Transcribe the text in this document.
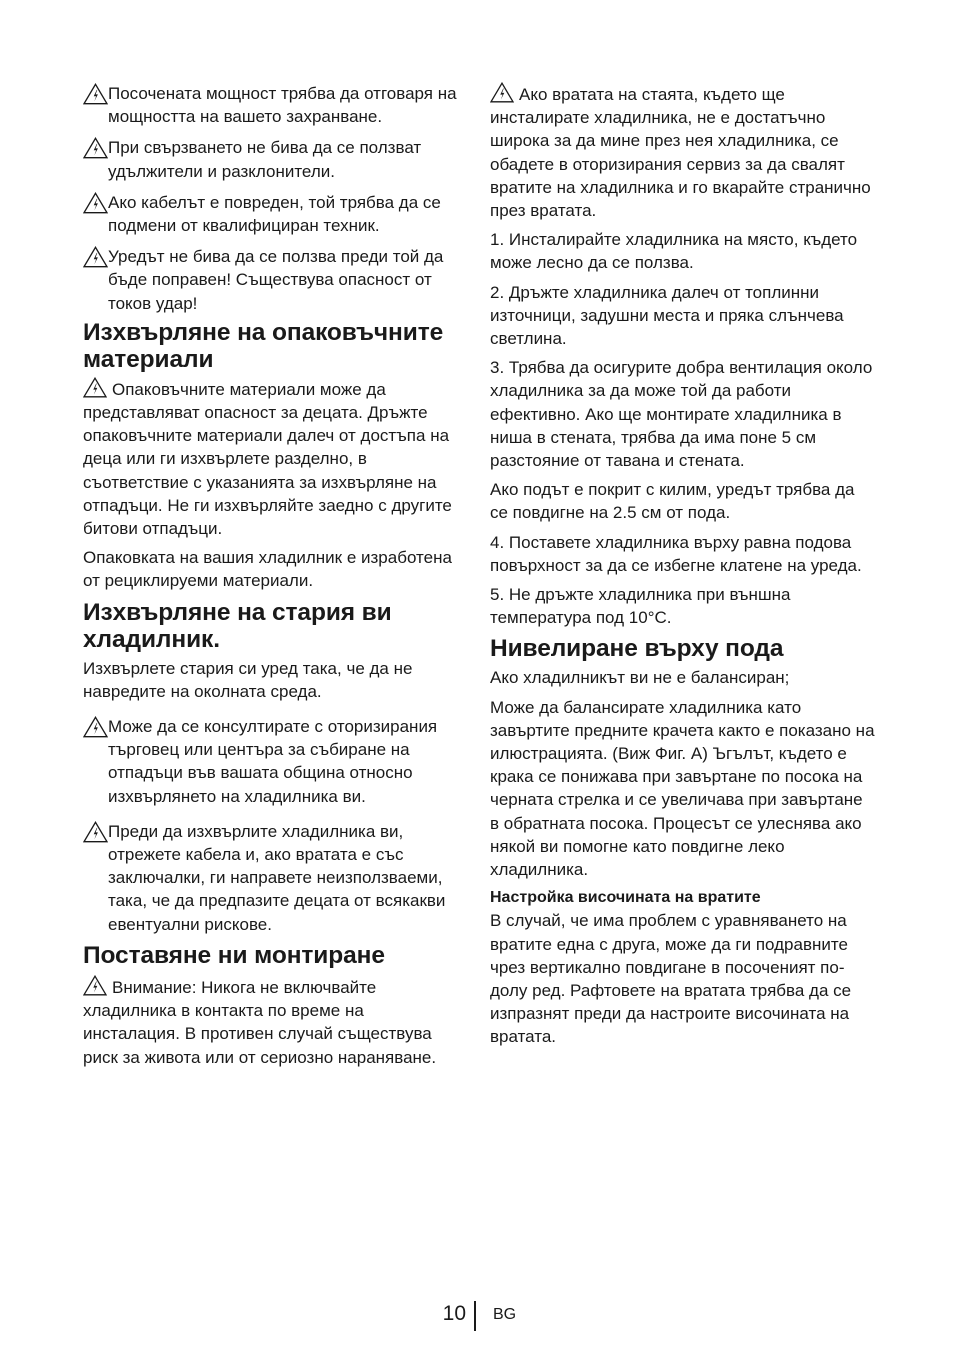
Посочената мощност трябва да отговаря на мощността на вашето захранване.

При свързването не бива да се ползват удължители и разклонители.

Ако кабелът е повреден, той трябва да се подмени от квалифициран техник.

Уредът не бива да се ползва преди той да бъде поправен! Съществува опасност от токов удар!

Изхвърляне на опаковъчните материали

Опаковъчните материали може да представляват опасност за децата. Дръжте опаковъчните материали далеч от достъпа на деца или ги изхвърлете разделно, в съответствие с указанията за изхвърляне на отпадъци. Не ги изхвърляйте заедно с другите битови отпадъци.

Опаковката на вашия хладилник е изработена от рециклируеми материали.

Изхвърляне на стария ви хладилник.

Изхвърлете стария си уред така, че да не навредите на околната среда.

Може да се консултирате с оторизирания търговец или центъра за събиране на отпадъци във вашата община относно изхвърлянето на хладилника ви.

Преди да изхвърлите хладилника ви, отрежете кабела и, ако вратата е със заключалки, ги направете неизползваеми, така, че да предпазите децата от всякакви евентуални рискове.

Поставяне ни монтиране

Внимание: Никога не включвайте хладилника в контакта по време на инсталация. В противен случай съществува риск за живота или от сериозно нараняване.

Ако вратата на стаята, където ще инсталирате хладилника, не е достатъчно широка за да мине през нея хладилника, се обадете в оторизирания сервиз за да свалят вратите на хладилника и го вкарайте странично през вратата.

1. Инсталирайте хладилника на място, където може лесно да се ползва.

2. Дръжте хладилника далеч от топлинни източници, задушни места и пряка слънчева светлина.

3. Трябва да осигурите добра вентилация около хладилника за да може той да работи ефективно. Ако ще монтирате хладилника в ниша в стената, трябва да има поне 5 см разстояние от тавана и стената.

Ако подът е покрит с килим, уредът трябва да се повдигне на 2.5 см от пода.

4. Поставете хладилника върху равна подова повърхност за да се избегне клатене на уреда.

5. Не дръжте хладилника при външна температура под 10°C.

Нивелиране върху пода

Ако хладилникът ви не е балансиран;

Може да балансирате хладилника като завъртите предните крачета както е показано на илюстрацията. (Виж Фиг. А) Ъгълът, където е крака се понижава при завъртане по посока на черната стрелка и се увеличава при завъртане в обратната посока. Процесът се улеснява ако някой ви помогне като повдигне леко хладилника.

Настройка височината на вратите

В случай, че има проблем с уравняването на вратите една с друга, може да ги подравните чрез вертикално повдигане в посоченият по-долу ред. Рафтовете на вратата трябва да се изпразнят преди да настроите височината на вратата.

10 BG
